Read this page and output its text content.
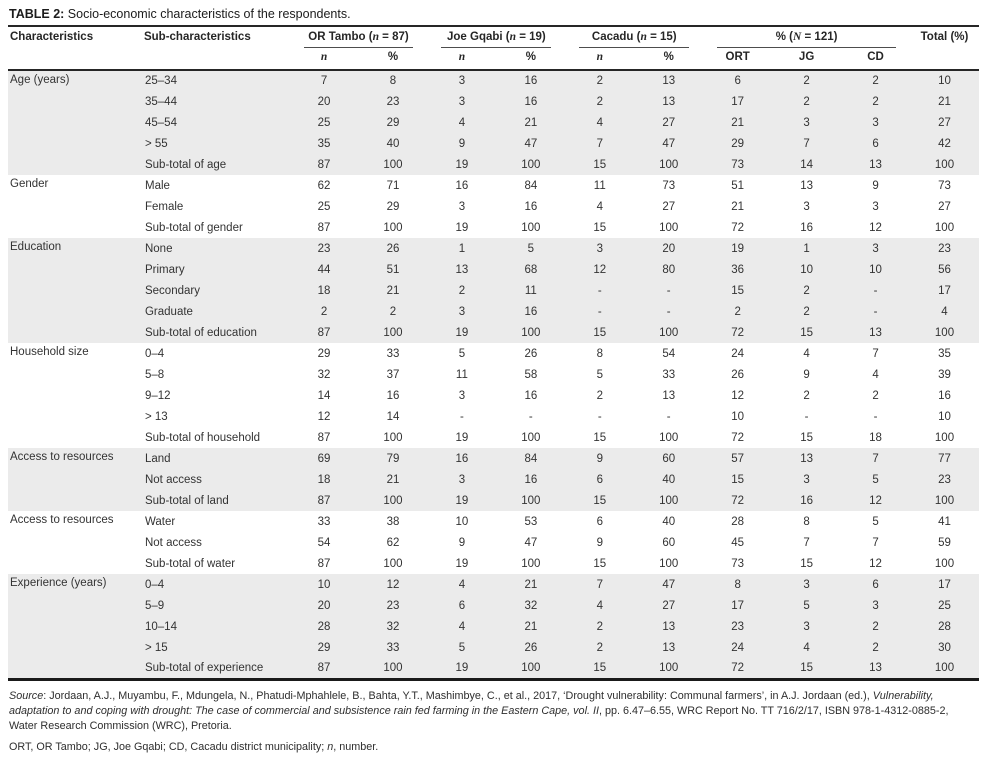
TABLE 2: Socio-economic characteristics of the respondents.
Characteristics	Sub-characteristics	OR Tambo (n = 87)		Joe Gqabi (n = 19)		Cacadu (n = 15)		% (N = 121)			Total (%)
		n	%	n	%	n	%	ORT	JG	CD	
Age (years)	25–34	7	8	3	16	2	13	6	2	2	10
	35–44	20	23	3	16	2	13	17	2	2	21
	45–54	25	29	4	21	4	27	21	3	3	27
	> 55	35	40	9	47	7	47	29	7	6	42
	Sub-total of age	87	100	19	100	15	100	73	14	13	100
Gender	Male	62	71	16	84	11	73	51	13	9	73
	Female	25	29	3	16	4	27	21	3	3	27
	Sub-total of gender	87	100	19	100	15	100	72	16	12	100
Education	None	23	26	1	5	3	20	19	1	3	23
	Primary	44	51	13	68	12	80	36	10	10	56
	Secondary	18	21	2	11	-	-	15	2	-	17
	Graduate	2	2	3	16	-	-	2	2	-	4
	Sub-total of education	87	100	19	100	15	100	72	15	13	100
Household size	0–4	29	33	5	26	8	54	24	4	7	35
	5–8	32	37	11	58	5	33	26	9	4	39
	9–12	14	16	3	16	2	13	12	2	2	16
	> 13	12	14	-	-	-	-	10	-	-	10
	Sub-total of household	87	100	19	100	15	100	72	15	18	100
Access to resources	Land	69	79	16	84	9	60	57	13	7	77
	Not access	18	21	3	16	6	40	15	3	5	23
	Sub-total of land	87	100	19	100	15	100	72	16	12	100
Access to resources	Water	33	38	10	53	6	40	28	8	5	41
	Not access	54	62	9	47	9	60	45	7	7	59
	Sub-total of water	87	100	19	100	15	100	73	15	12	100
Experience (years)	0–4	10	12	4	21	7	47	8	3	6	17
	5–9	20	23	6	32	4	27	17	5	3	25
	10–14	28	32	4	21	2	13	23	3	2	28
	> 15	29	33	5	26	2	13	24	4	2	30
	Sub-total of experience	87	100	19	100	15	100	72	15	13	100

Source: Jordaan, A.J., Muyambu, F., Mdungela, N., Phatudi-Mphahlele, B., Bahta, Y.T., Mashimbye, C., et al., 2017, ‘Drought vulnerability: Communal farmers’, in A.J. Jordaan (ed.), Vulnerability, adaptation to and coping with drought: The case of commercial and subsistence rain fed farming in the Eastern Cape, vol. II, pp. 6.47–6.55, WRC Report No. TT 716/2/17, ISBN 978-1-4312-0885-2, Water Research Commission (WRC), Pretoria.

ORT, OR Tambo; JG, Joe Gqabi; CD, Cacadu district municipality; n, number.
